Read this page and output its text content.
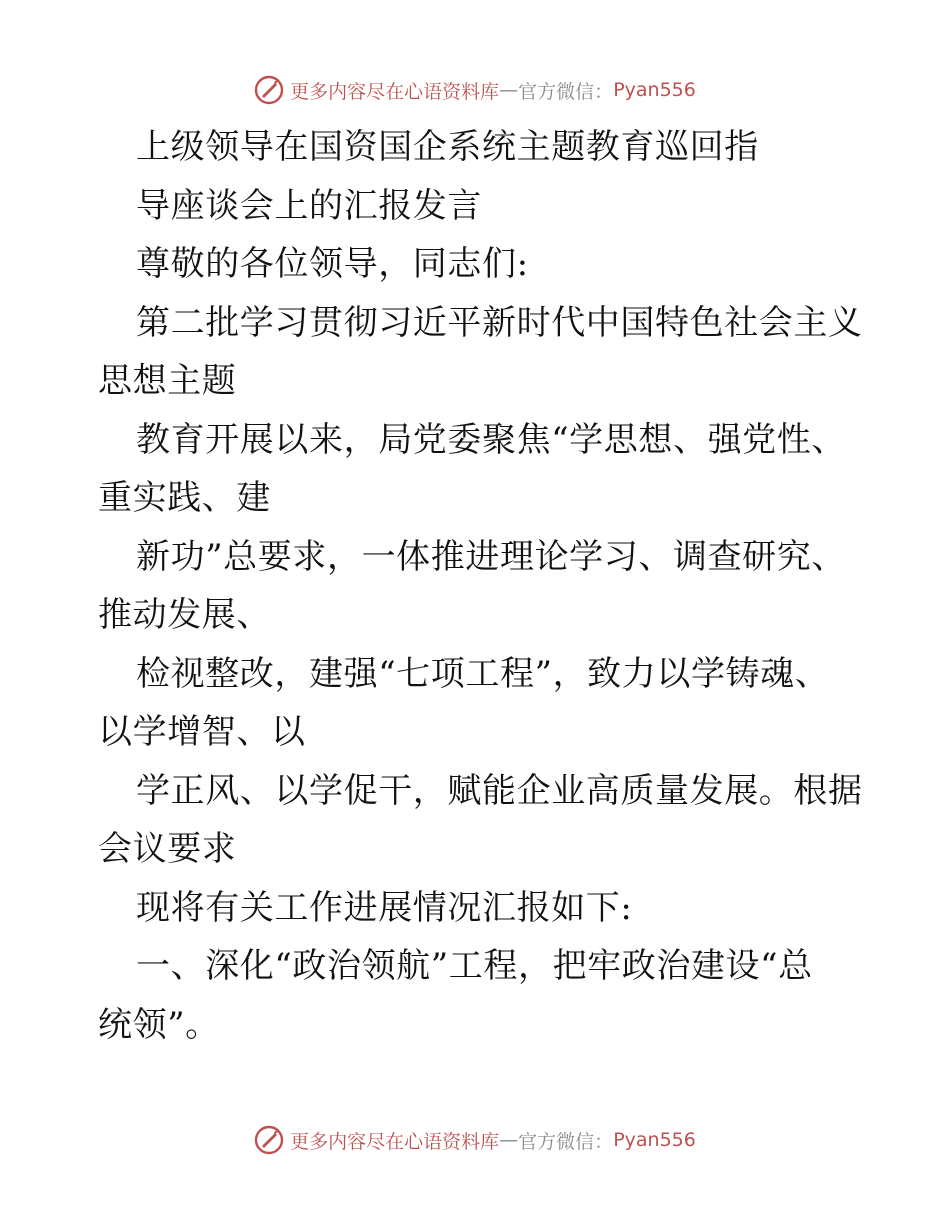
更多内容尽在心语资料库 — 官方微信： Pyan556
上级领导在国资国企系统主题教育巡回指
导座谈会上的汇报发言
尊敬的各位领导，同志们:
第二批学习贯彻习近平新时代中国特色社会主义
思想主题
教育开展以来，局党委聚焦“学思想、强党性、
重实践、建
新功”总要求，一体推进理论学习、调查研究、
推动发展、
检视整改，建强“七项工程”，致力以学铸魂、
以学增智、以
学正风、以学促干，赋能企业高质量发展。根据
会议要求
现将有关工作进展情况汇报如下:
一、深化“政治领航”工程，把牢政治建设“总
统领”。
更多内容尽在心语资料库 — 官方微信： Pyan556
